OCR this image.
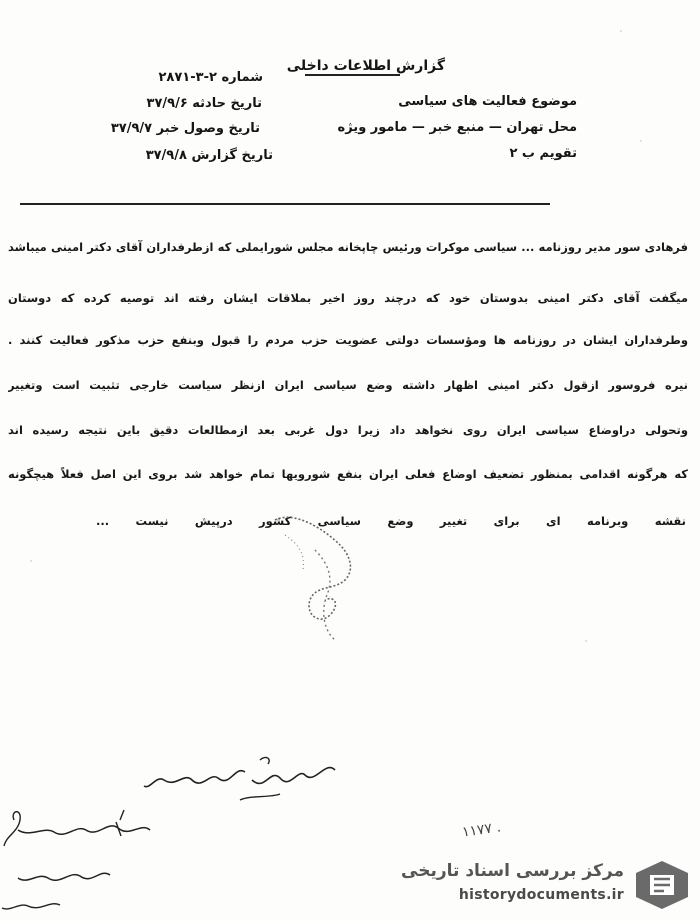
گزارش اطلاعات داخلی
موضوع فعالیت های سیاسی
محل تهران — منبع خبر — مامور ویژه
تقویم ب ۲
شماره ۲-۳-۲۸۷۱
تاریخ حادثه ۳۷/۹/۶
تاریخ وصول خبر ۳۷/۹/۷
تاریخ گزارش ۳۷/۹/۸
فرهادی سور مدیر روزنامه ... سیاسی موکرات ورئیس چاپخانه مجلس شورایملی که ازطرفداران آقای دکتر امینی میباشد
میگفت آقای دکتر امینی بدوستان خود که درچند روز اخیر بملاقات ایشان رفته اند توصیه کرده که دوستان
وطرفداران ایشان در روزنامه ها ومؤسسات دولتی عضویت حزب مردم را قبول وبنفع حزب مذکور فعالیت کنند .
نیره فروسور ازقول دکتر امینی اظهار داشته وضع سیاسی ایران ازنظر سیاست خارجی تثبیت است وتغییر
وتحولی دراوضاع سیاسی ایران روی نخواهد داد زیرا دول غربی بعد ازمطالعات دقیق باین نتیجه رسیده اند
که هرگونه اقدامی بمنظور تضعیف اوضاع فعلی ایران بنفع شورویها تمام خواهد شد بروی این اصل فعلاً هیچگونه
نقشه وبرنامه ای برای تغییر وضع سیاسی کشور درپیش نیست ...
۱۱۷۷ .
مرکز بررسی اسناد تاریخی
historydocuments.ir
